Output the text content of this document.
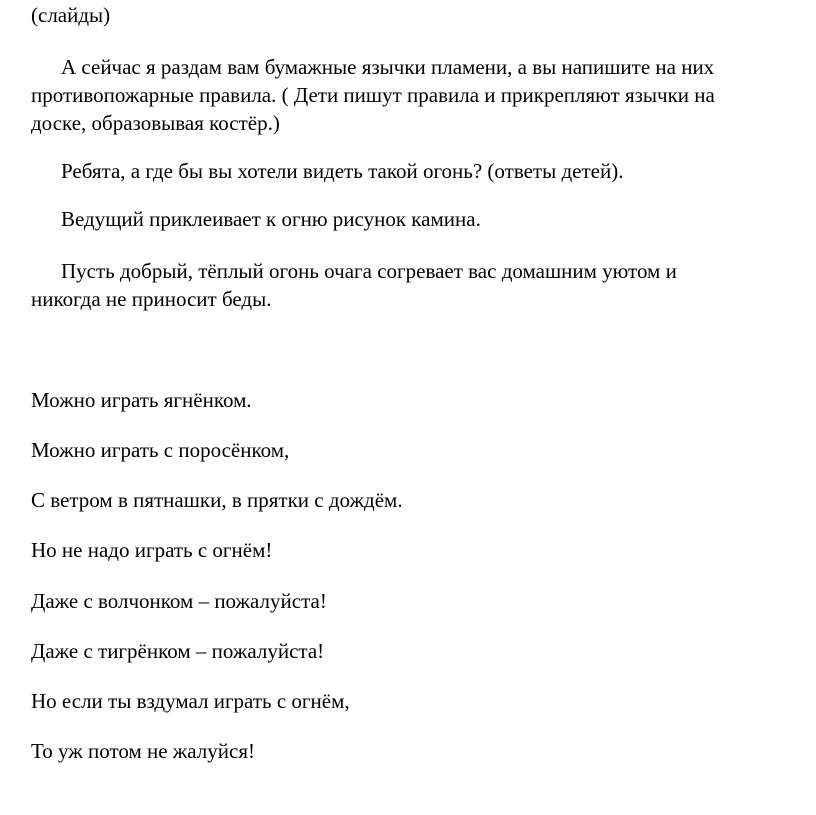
(слайды)

А сейчас я раздам вам бумажные язычки пламени, а вы напишите на них

противопожарные правила. ( Дети пишут правила и прикрепляют язычки на

доске, образовывая костёр.)

Ребята, а где бы вы хотели видеть такой огонь? (ответы детей).

Ведущий приклеивает к огню рисунок камина.

Пусть добрый, тёплый огонь очага согревает вас домашним уютом и

никогда не приносит беды.

Можно играть ягнёнком.

Можно играть с поросёнком,

С ветром в пятнашки, в прятки с дождём.

Но не надо играть с огнём!

Даже с волчонком – пожалуйста!

Даже с тигрёнком – пожалуйста!

Но если ты вздумал играть с огнём,

То уж потом не жалуйся!
